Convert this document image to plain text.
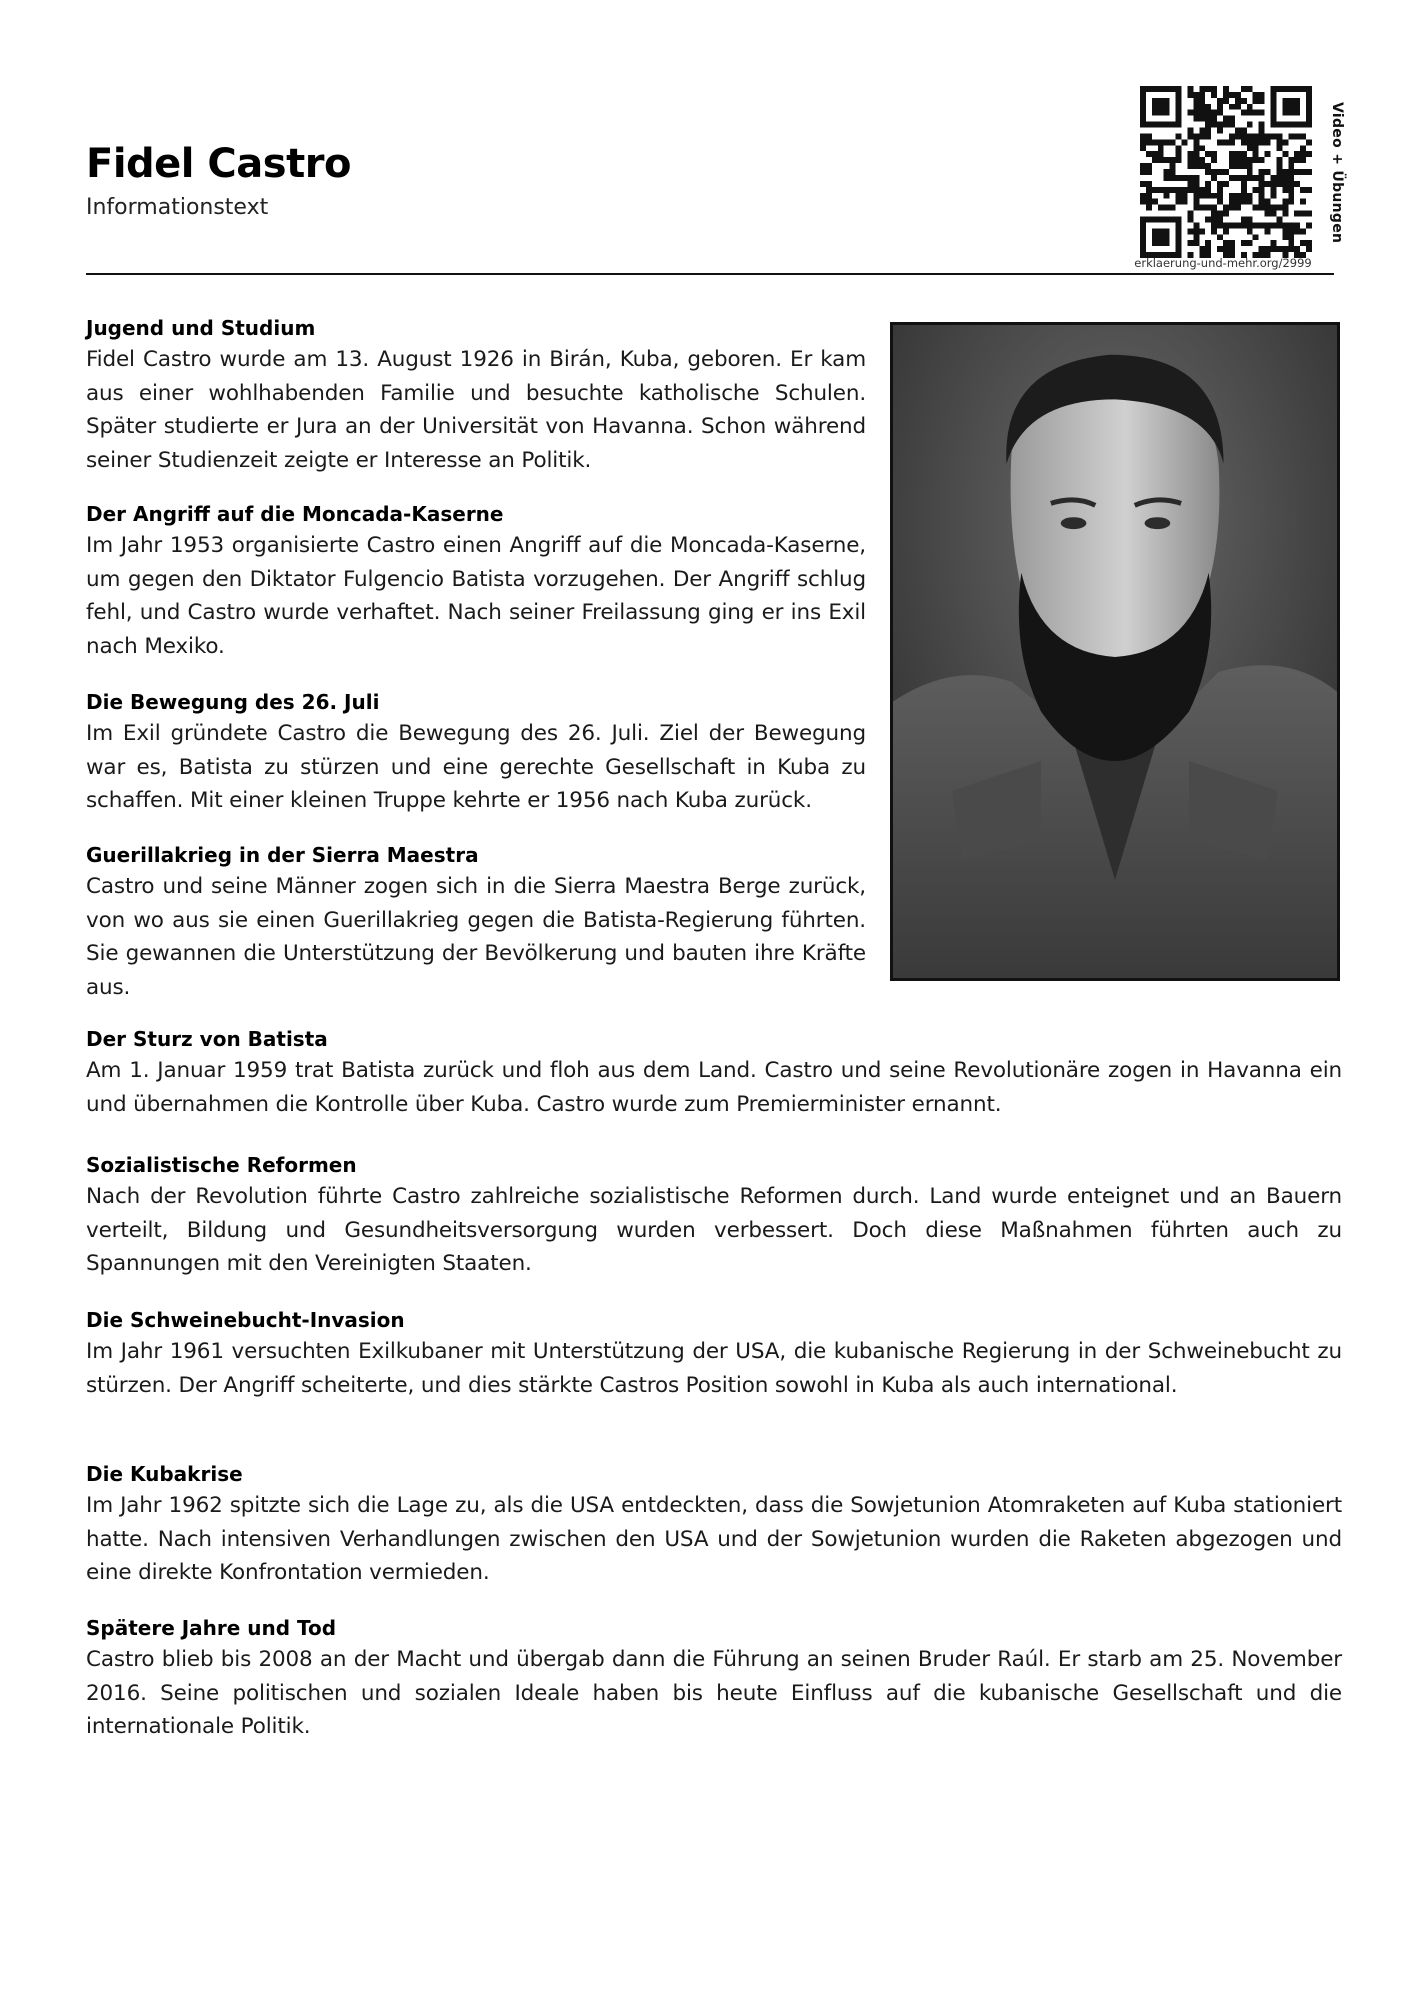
Fidel Castro
Informationstext
erklaerung-und-mehr.org/2999
Video + Übungen
Jugend und Studium

Fidel Castro wurde am 13. August 1926 in Birán, Kuba, geboren. Er kam aus einer wohlhabenden Familie und besuchte katholische Schulen. Später studierte er Jura an der Universität von Havanna. Schon während seiner Studienzeit zeigte er Interesse an Politik.

Der Angriff auf die Moncada-Kaserne

Im Jahr 1953 organisierte Castro einen Angriff auf die Moncada-Kaserne, um gegen den Diktator Fulgencio Batista vorzugehen. Der Angriff schlug fehl, und Castro wurde verhaftet. Nach seiner Freilassung ging er ins Exil nach Mexiko.

Die Bewegung des 26. Juli

Im Exil gründete Castro die Bewegung des 26. Juli. Ziel der Bewegung war es, Batista zu stürzen und eine gerechte Gesellschaft in Kuba zu schaffen. Mit einer kleinen Truppe kehrte er 1956 nach Kuba zurück.

Guerillakrieg in der Sierra Maestra

Castro und seine Männer zogen sich in die Sierra Maestra Berge zurück, von wo aus sie einen Guerillakrieg gegen die Batista-Regierung führten. Sie gewannen die Unterstützung der Bevölkerung und bauten ihre Kräfte aus.

Der Sturz von Batista

Am 1. Januar 1959 trat Batista zurück und floh aus dem Land. Castro und seine Revolutionäre zogen in Havanna ein und übernahmen die Kontrolle über Kuba. Castro wurde zum Premierminister ernannt.

Sozialistische Reformen

Nach der Revolution führte Castro zahlreiche sozialistische Reformen durch. Land wurde enteignet und an Bauern verteilt, Bildung und Gesundheitsversorgung wurden verbessert. Doch diese Maßnahmen führten auch zu Spannungen mit den Vereinigten Staaten.

Die Schweinebucht-Invasion

Im Jahr 1961 versuchten Exilkubaner mit Unterstützung der USA, die kubanische Regierung in der Schweinebucht zu stürzen. Der Angriff scheiterte, und dies stärkte Castros Position sowohl in Kuba als auch international.

Die Kubakrise

Im Jahr 1962 spitzte sich die Lage zu, als die USA entdeckten, dass die Sowjetunion Atomraketen auf Kuba stationiert hatte. Nach intensiven Verhandlungen zwischen den USA und der Sowjetunion wurden die Raketen abgezogen und eine direkte Konfrontation vermieden.

Spätere Jahre und Tod

Castro blieb bis 2008 an der Macht und übergab dann die Führung an seinen Bruder Raúl. Er starb am 25. November 2016. Seine politischen und sozialen Ideale haben bis heute Einfluss auf die kubanische Gesellschaft und die internationale Politik.
